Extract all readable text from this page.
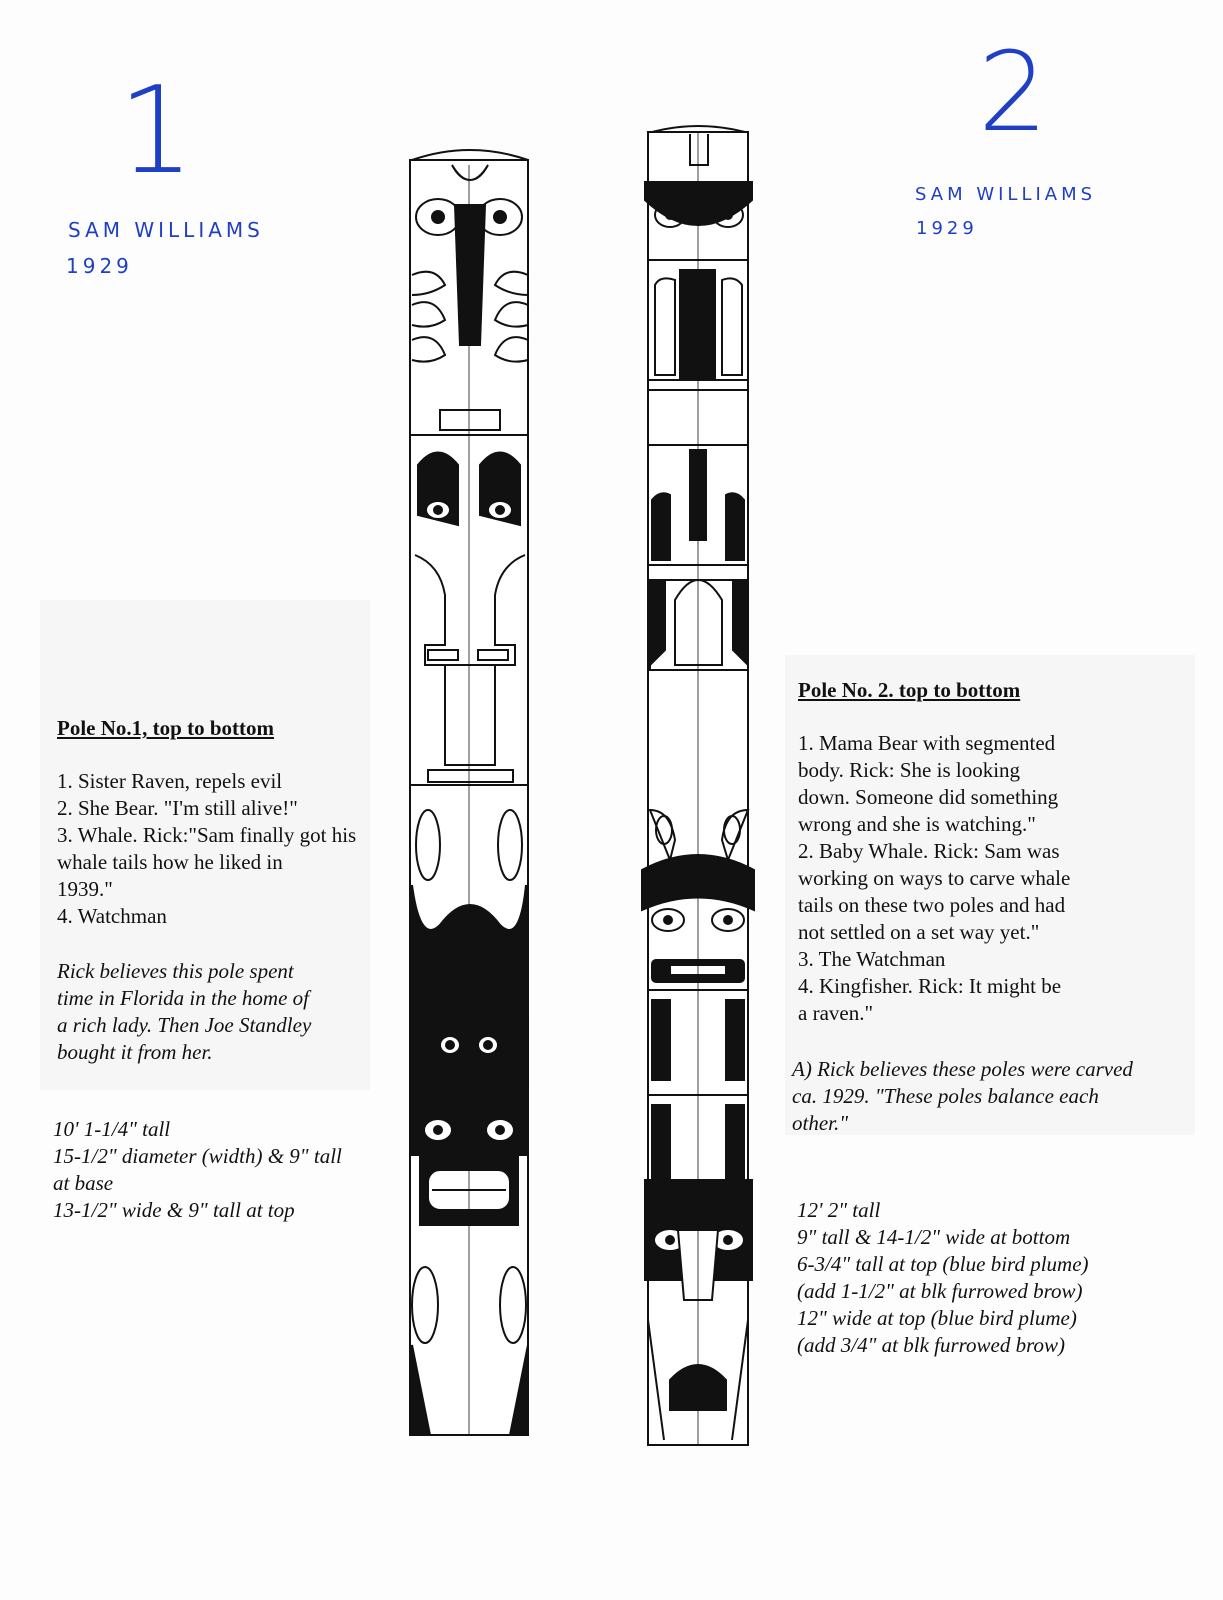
1
SAM WILLIAMS
1929
2
SAM WILLIAMS
1929
Pole No.1, top to bottom
1. Sister Raven, repels evil
2. She Bear. "I'm still alive!"
3. Whale. Rick:"Sam finally got his
whale tails how he liked in
1939."
4. Watchman
Rick believes this pole spent
time in Florida in the home of
a rich lady. Then Joe Standley
bought it from her.
10' 1-1/4" tall
15-1/2" diameter (width) & 9" tall
at base
13-1/2" wide & 9" tall at top
Pole No. 2. top to bottom
1. Mama Bear with segmented
body. Rick: She is looking
down. Someone did something
wrong and she is watching."
2. Baby Whale. Rick: Sam was
working on ways to carve whale
tails on these two poles and had
not settled on a set way yet."
3. The Watchman
4. Kingfisher. Rick: It might be
a raven."
A) Rick believes these poles were carved
ca. 1929. "These poles balance each
other."
12' 2" tall
9" tall & 14-1/2" wide at bottom
6-3/4" tall at top (blue bird plume)
(add 1-1/2" at blk furrowed brow)
12" wide at top (blue bird plume)
(add 3/4" at blk furrowed brow)
